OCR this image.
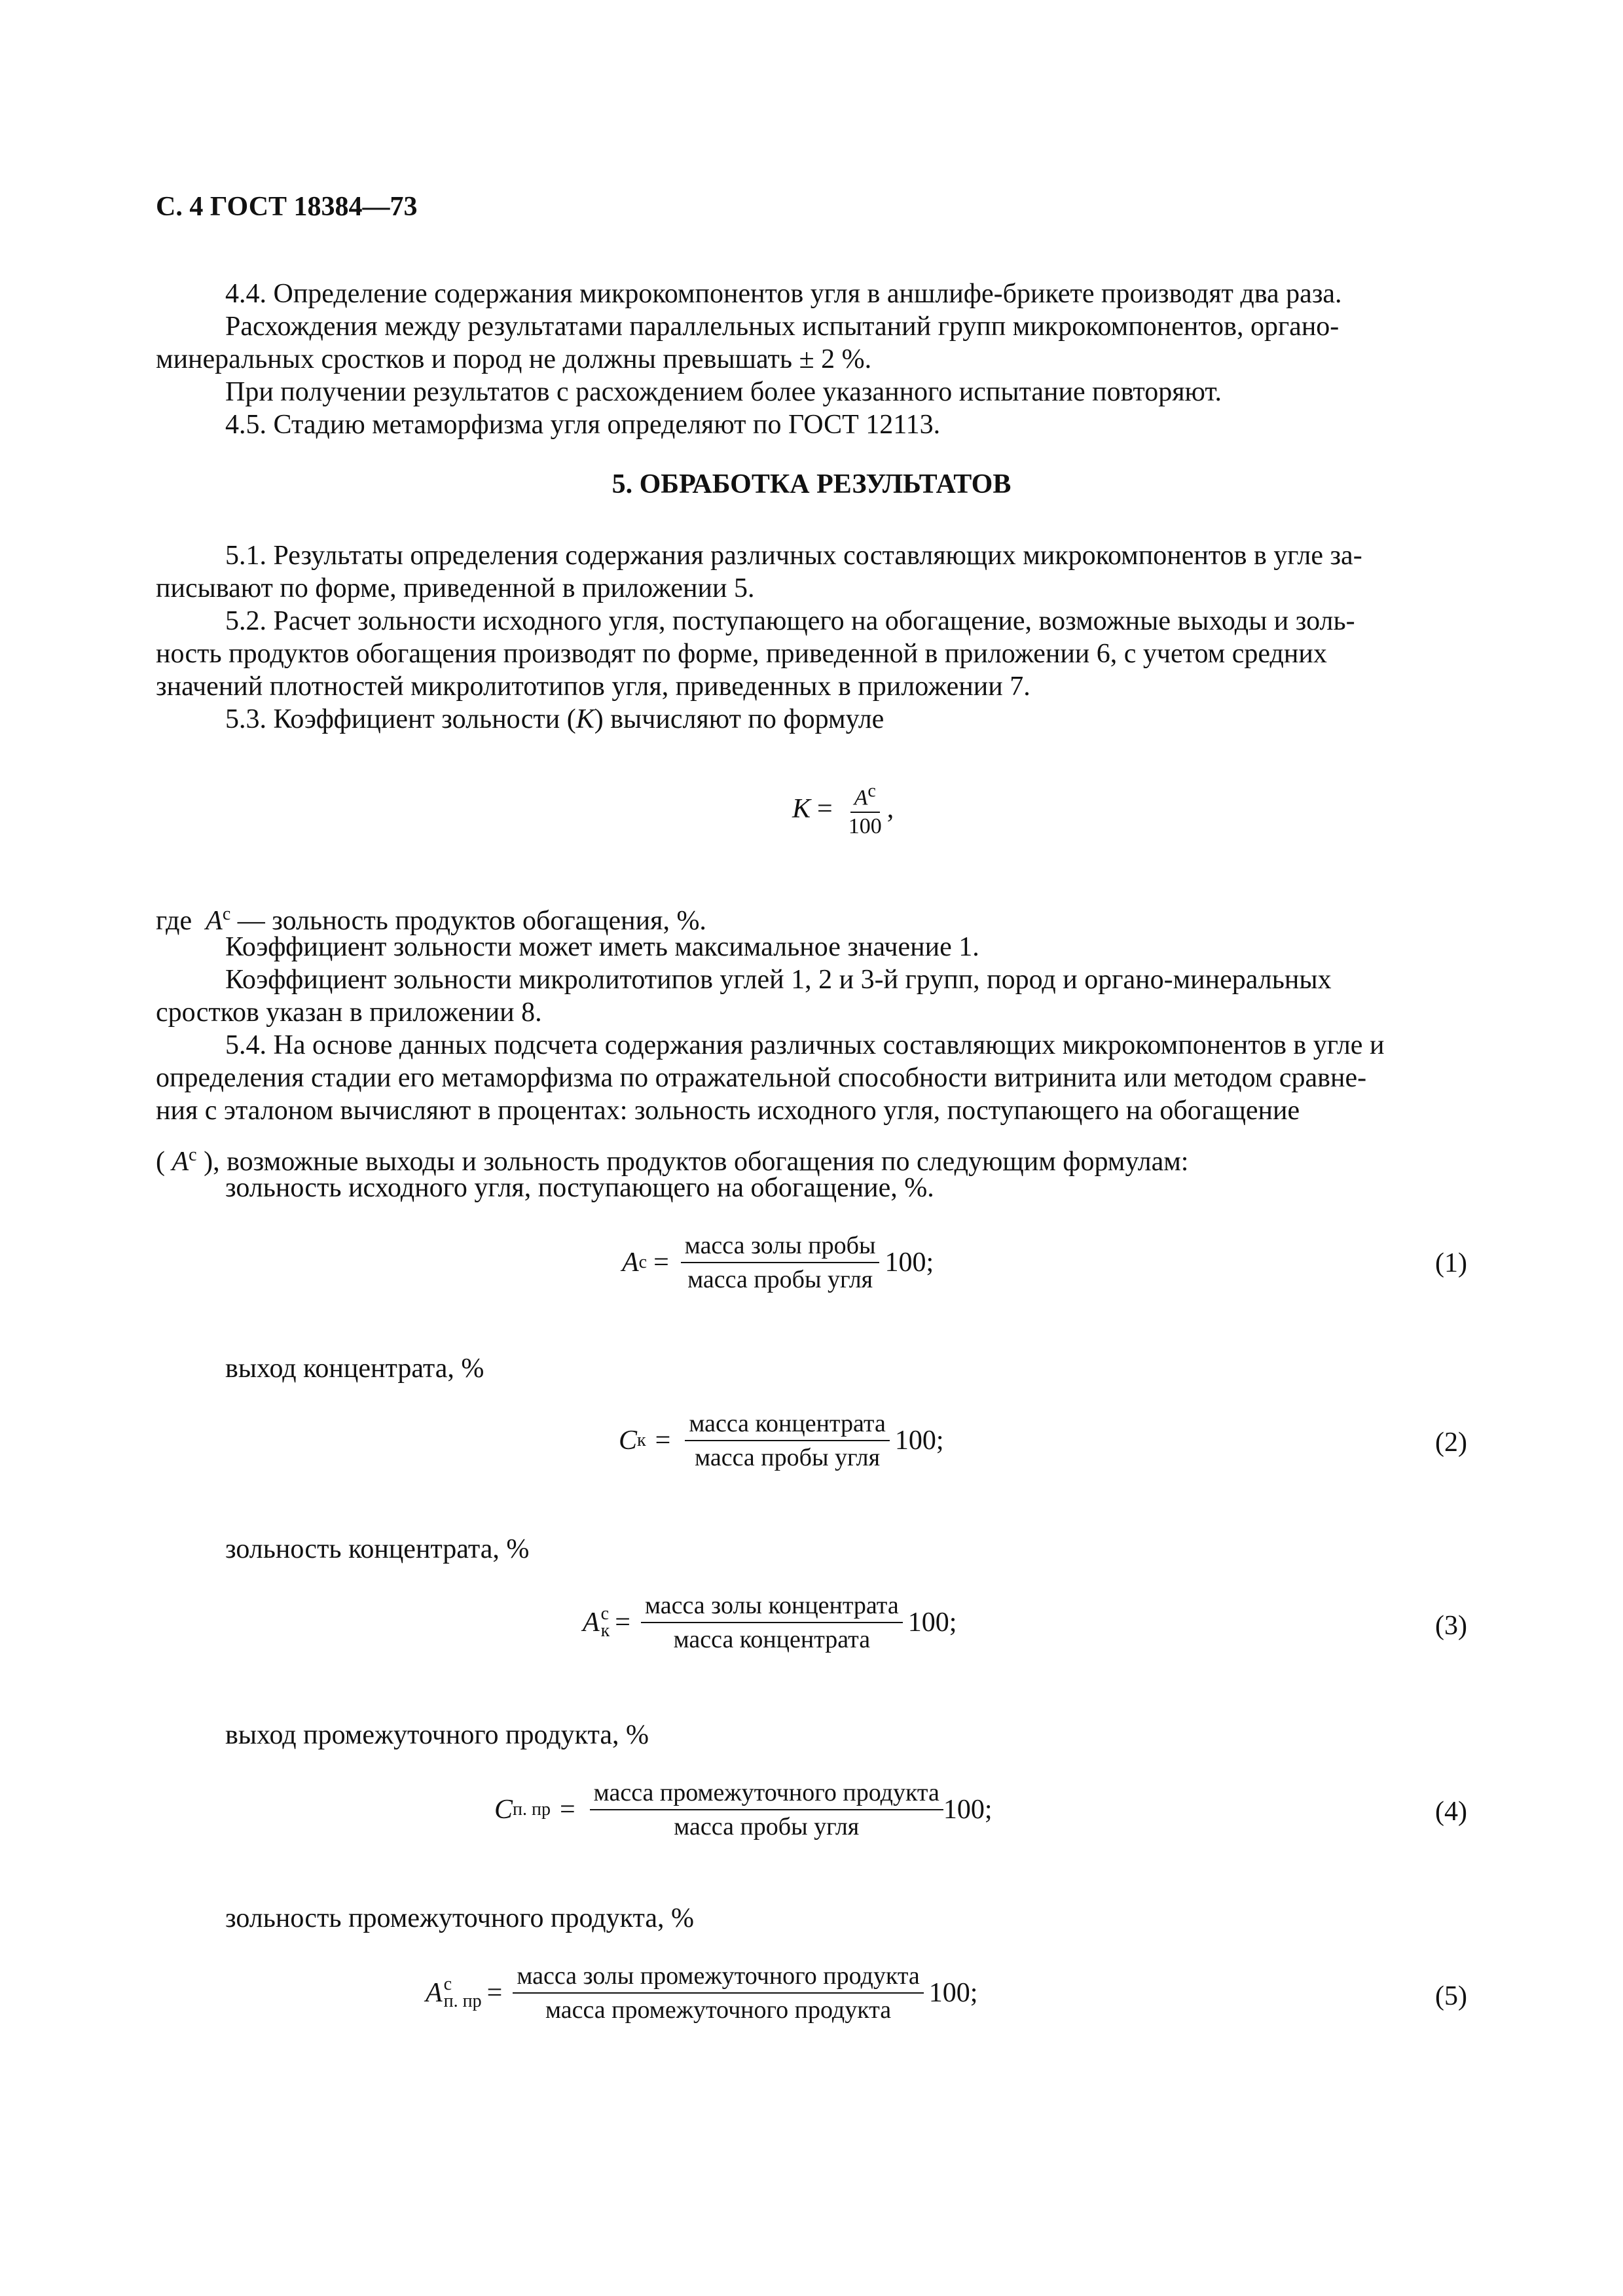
С. 4 ГОСТ 18384—73
4.4. Определение содержания микрокомпонентов угля в аншлифе-брикете производят два раза.
Расхождения между результатами параллельных испытаний групп микрокомпонентов, органо-
минеральных сростков и пород не должны превышать ± 2 %.
При получении результатов с расхождением более указанного испытание повторяют.
4.5. Стадию метаморфизма угля определяют по ГОСТ 12113.
5. ОБРАБОТКА РЕЗУЛЬТАТОВ
5.1. Результаты определения содержания различных составляющих микрокомпонентов в угле за-
писывают по форме, приведенной в приложении 5.
5.2. Расчет зольности исходного угля, поступающего на обогащение, возможные выходы и золь-
ность продуктов обогащения производят по форме, приведенной в приложении 6, с учетом средних
значений плотностей микролитотипов угля, приведенных в приложении 7.
5.3. Коэффициент зольности (K) вычисляют по формуле
$K = \frac{A^c}{100}$ ,
где $A^c$ — зольность продуктов обогащения, %.
Коэффициент зольности может иметь максимальное значение 1.
Коэффициент зольности микролитотипов углей 1, 2 и 3-й групп, пород и органо-минеральных
сростков указан в приложении 8.
5.4. На основе данных подсчета содержания различных составляющих микрокомпонентов в угле и
определения стадии его метаморфизма по отражательной способности витринита или методом сравне-
ния с эталоном вычисляют в процентах: зольность исходного угля, поступающего на обогащение
( $A^c$ ), возможные выходы и зольность продуктов обогащения по следующим формулам:
зольность исходного угля, поступающего на обогащение, %.
A $c = \frac{\text{масса золы пробы}}{\text{масса пробы угля}} 100$;	(1)
выход концентрата, %
C $к = \frac{\text{масса концентрата}}{\text{масса пробы угля}} 100$;	(2)
зольность концентрата, %
A c
$к = \frac{\text{масса золы концентрата}}{\text{масса концентрата}} 100$;	(3)
выход промежуточного продукта, %
C п. пр = $\frac{\text{масса промежуточного продукта}}{\text{масса пробы угля}} 100$;	(4)
зольность промежуточного продукта, %
A c
п. пр = $\frac{\text{масса золы промежуточного продукта}}{\text{масса промежуточного продукта}} 100$;	(5)
